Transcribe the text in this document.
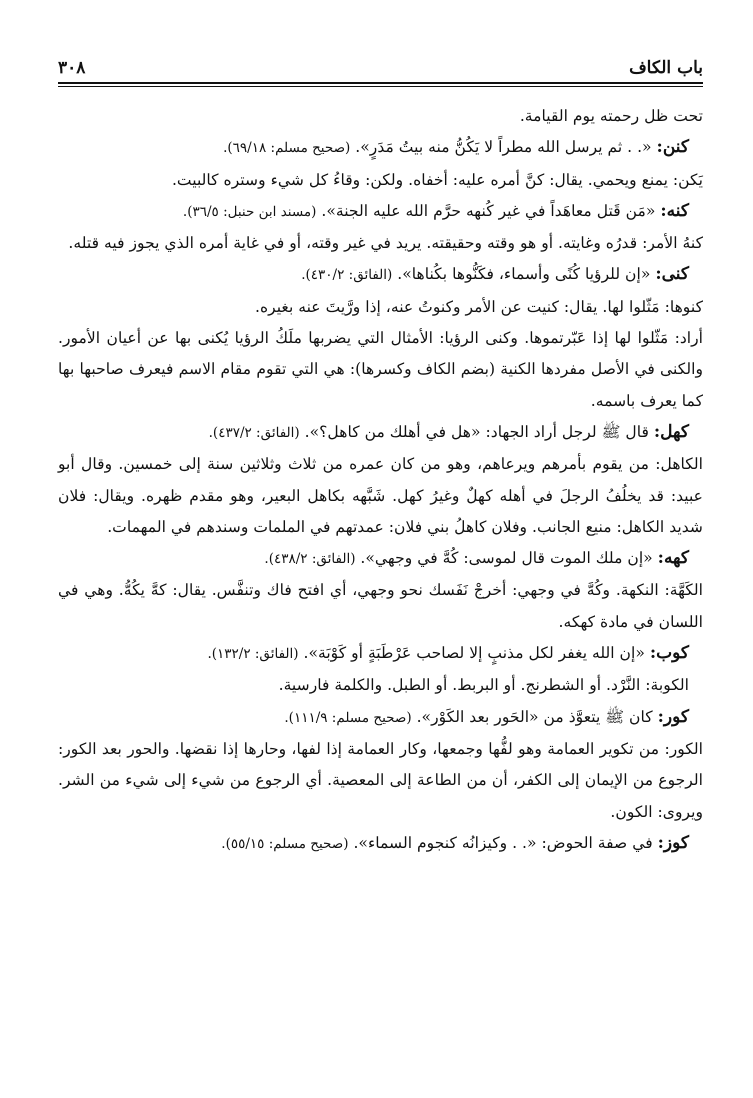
باب الكاف
٣٠٨

تحت ظل رحمته يوم القيامة.

كنن: «. . ثم يرسل الله مطراً لا يَكُنُّ منه بيتُ مَدَرٍ». (صحيح مسلم: ٦٩/١٨).

يَكن: يمنع ويحمي. يقال: كنَّ أمره عليه: أخفاه. ولكن: وقاءُ كل شيء وستره كالبيت.

كنه: «مَن قَتل معاهَداً في غير كُنهه حرَّم الله عليه الجنة». (مسند ابن حنبل: ٣٦/٥).

كنهُ الأمر: قدرُه وغايته. أو هو وقته وحقيقته. يريد في غير وقته، أو في غاية أمره الذي يجوز فيه قتله.

كنى: «إن للرؤيا كُنًى وأسماء، فكَنُّوها بكُناها». (الفائق: ٤٣٠/٢).

كنوها: مَثّلوا لها. يقال: كنيت عن الأمر وكنوتُ عنه، إذا ورَّيتَ عنه بغيره.

أراد: مَثّلوا لها إذا عَبّرتموها. وكنى الرؤيا: الأمثال التي يضربها ملَكُ الرؤيا يُكنى بها عن أعيان الأمور. والكنى في الأصل مفردها الكنية (بضم الكاف وكسرها): هي التي تقوم مقام الاسم فيعرف صاحبها بها كما يعرف باسمه.

كهل: قال ﷺ لرجل أراد الجهاد: «هل في أهلك من كاهل؟». (الفائق: ٤٣٧/٢).

الكاهل: من يقوم بأمرهم ويرعاهم، وهو من كان عمره من ثلاث وثلاثين سنة إلى خمسين. وقال أبو عبيد: قد يخلُفُ الرجلَ في أهله كهلٌ وغيرُ كهل. شَبَّهه بكاهل البعير، وهو مقدم ظهره. ويقال: فلان شديد الكاهل: منيع الجانب. وفلان كاهلُ بني فلان: عمدتهم في الملمات وسندهم في المهمات.

كهه: «إن ملك الموت قال لموسى: كُهَّ في وجهي». (الفائق: ٤٣٨/٢).

الكَهَّة: النكهة. وكُهَّ في وجهي: أخرجْ نَفَسك نحو وجهي، أي افتح فاك وتنفَّس. يقال: كهَّ يكُهُّ. وهي في اللسان في مادة كهكه.

كوب: «إن الله يغفر لكل مذنبٍ إلا لصاحب عَرْطَبَةٍ أو كَوْبَة». (الفائق: ١٣٢/٢).

الكوبة: النَّرْد. أو الشطرنج. أو البربط. أو الطبل. والكلمة فارسية.

كور: كان ﷺ يتعوَّذ من «الحَور بعد الكَوْر». (صحيح مسلم: ١١١/٩).

الكور: من تكوير العمامة وهو لفُّها وجمعها، وكار العمامة إذا لفها، وحارها إذا نقضها. والحور بعد الكور: الرجوع من الإيمان إلى الكفر، أن من الطاعة إلى المعصية. أي الرجوع من شيء إلى شيء من الشر. ويروى: الكون.

كوز: في صفة الحوض: «. . وكيزانُه كنجوم السماء». (صحيح مسلم: ٥٥/١٥).
